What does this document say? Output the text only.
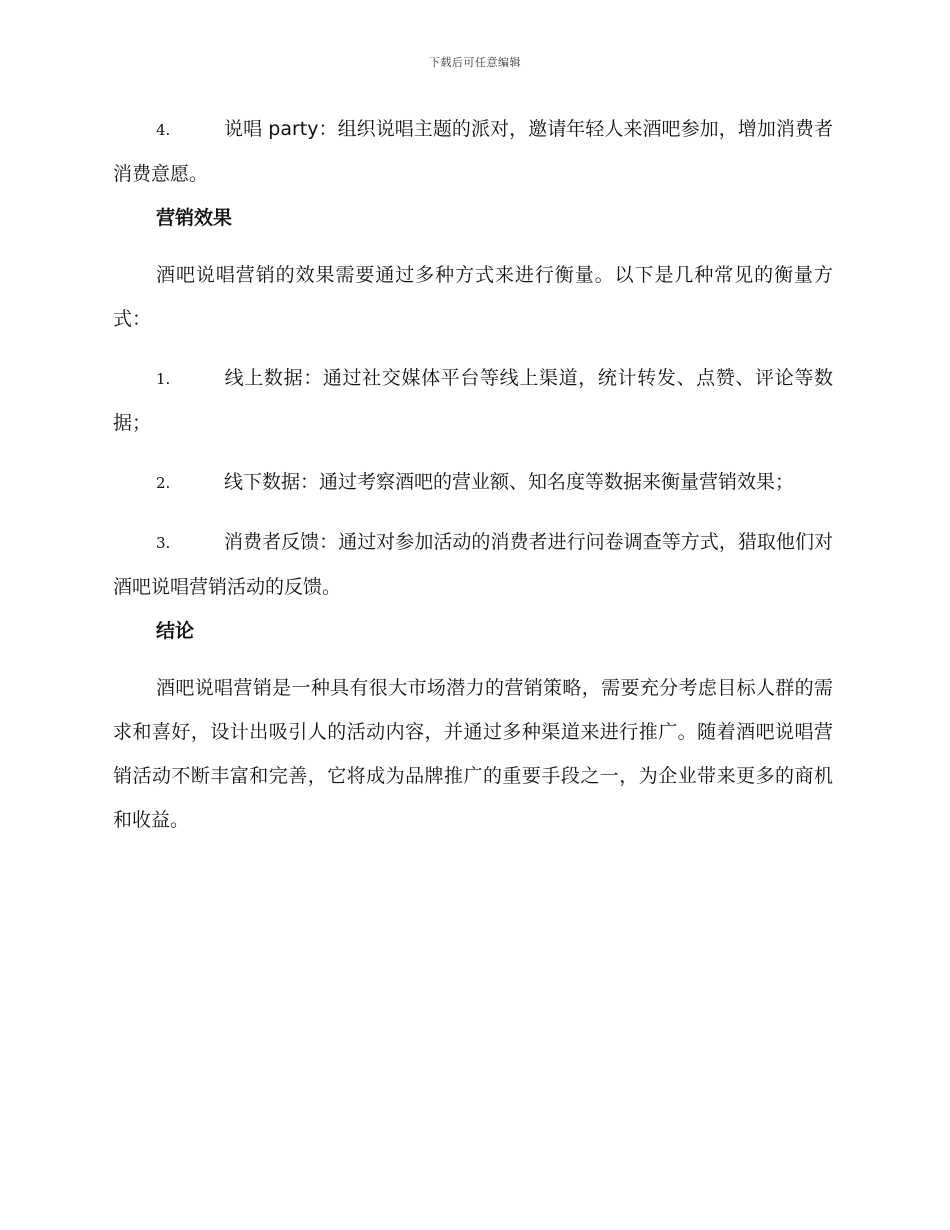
下载后可任意编辑

4.	说唱 party：组织说唱主题的派对，邀请年轻人来酒吧参加，增加消费者消费意愿。

营销效果

酒吧说唱营销的效果需要通过多种方式来进行衡量。以下是几种常见的衡量方式：

1.	线上数据：通过社交媒体平台等线上渠道，统计转发、点赞、评论等数据；

2.	线下数据：通过考察酒吧的营业额、知名度等数据来衡量营销效果；

3.	消费者反馈：通过对参加活动的消费者进行问卷调查等方式，猎取他们对酒吧说唱营销活动的反馈。

结论

酒吧说唱营销是一种具有很大市场潜力的营销策略，需要充分考虑目标人群的需求和喜好，设计出吸引人的活动内容，并通过多种渠道来进行推广。随着酒吧说唱营销活动不断丰富和完善，它将成为品牌推广的重要手段之一，为企业带来更多的商机和收益。
